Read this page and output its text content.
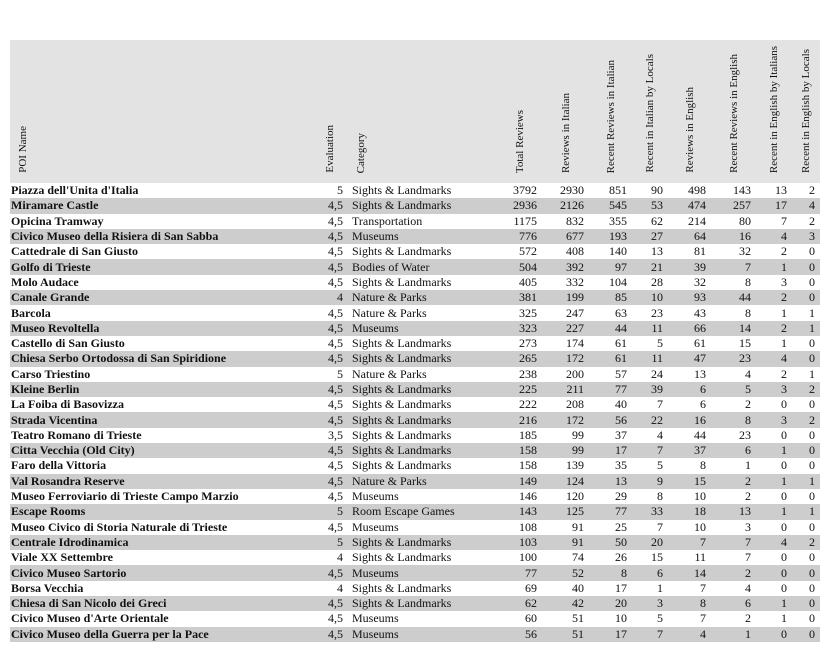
POI Name	Evaluation	Category	Total Reviews	Reviews in Italian	Recent Reviews in Italian	Recent in Italian by Locals	Reviews in English	Recent Reviews in English	Recent in English by Italians	Recent in English by Locals

Piazza dell'Unita d'Italia	5	Sights & Landmarks	3792	2930	851	90	498	143	13	2
Miramare Castle	4,5	Sights & Landmarks	2936	2126	545	53	474	257	17	4
Opicina Tramway	4,5	Transportation	1175	832	355	62	214	80	7	2
Civico Museo della Risiera di San Sabba	4,5	Museums	776	677	193	27	64	16	4	3
Cattedrale di San Giusto	4,5	Sights & Landmarks	572	408	140	13	81	32	2	0
Golfo di Trieste	4,5	Bodies of Water	504	392	97	21	39	7	1	0
Molo Audace	4,5	Sights & Landmarks	405	332	104	28	32	8	3	0
Canale Grande	4	Nature & Parks	381	199	85	10	93	44	2	0
Barcola	4,5	Nature & Parks	325	247	63	23	43	8	1	1
Museo Revoltella	4,5	Museums	323	227	44	11	66	14	2	1
Castello di San Giusto	4,5	Sights & Landmarks	273	174	61	5	61	15	1	0
Chiesa Serbo Ortodossa di San Spiridione	4,5	Sights & Landmarks	265	172	61	11	47	23	4	0
Carso Triestino	5	Nature & Parks	238	200	57	24	13	4	2	1
Kleine Berlin	4,5	Sights & Landmarks	225	211	77	39	6	5	3	2
La Foiba di Basovizza	4,5	Sights & Landmarks	222	208	40	7	6	2	0	0
Strada Vicentina	4,5	Sights & Landmarks	216	172	56	22	16	8	3	2
Teatro Romano di Trieste	3,5	Sights & Landmarks	185	99	37	4	44	23	0	0
Citta Vecchia (Old City)	4,5	Sights & Landmarks	158	99	17	7	37	6	1	0
Faro della Vittoria	4,5	Sights & Landmarks	158	139	35	5	8	1	0	0
Val Rosandra Reserve	4,5	Nature & Parks	149	124	13	9	15	2	1	1
Museo Ferroviario di Trieste Campo Marzio	4,5	Museums	146	120	29	8	10	2	0	0
Escape Rooms	5	Room Escape Games	143	125	77	33	18	13	1	1
Museo Civico di Storia Naturale di Trieste	4,5	Museums	108	91	25	7	10	3	0	0
Centrale Idrodinamica	5	Sights & Landmarks	103	91	50	20	7	7	4	2
Viale XX Settembre	4	Sights & Landmarks	100	74	26	15	11	7	0	0
Civico Museo Sartorio	4,5	Museums	77	52	8	6	14	2	0	0
Borsa Vecchia	4	Sights & Landmarks	69	40	17	1	7	4	0	0
Chiesa di San Nicolo dei Greci	4,5	Sights & Landmarks	62	42	20	3	8	6	1	0
Civico Museo d'Arte Orientale	4,5	Museums	60	51	10	5	7	2	1	0
Civico Museo della Guerra per la Pace	4,5	Museums	56	51	17	7	4	1	0	0
